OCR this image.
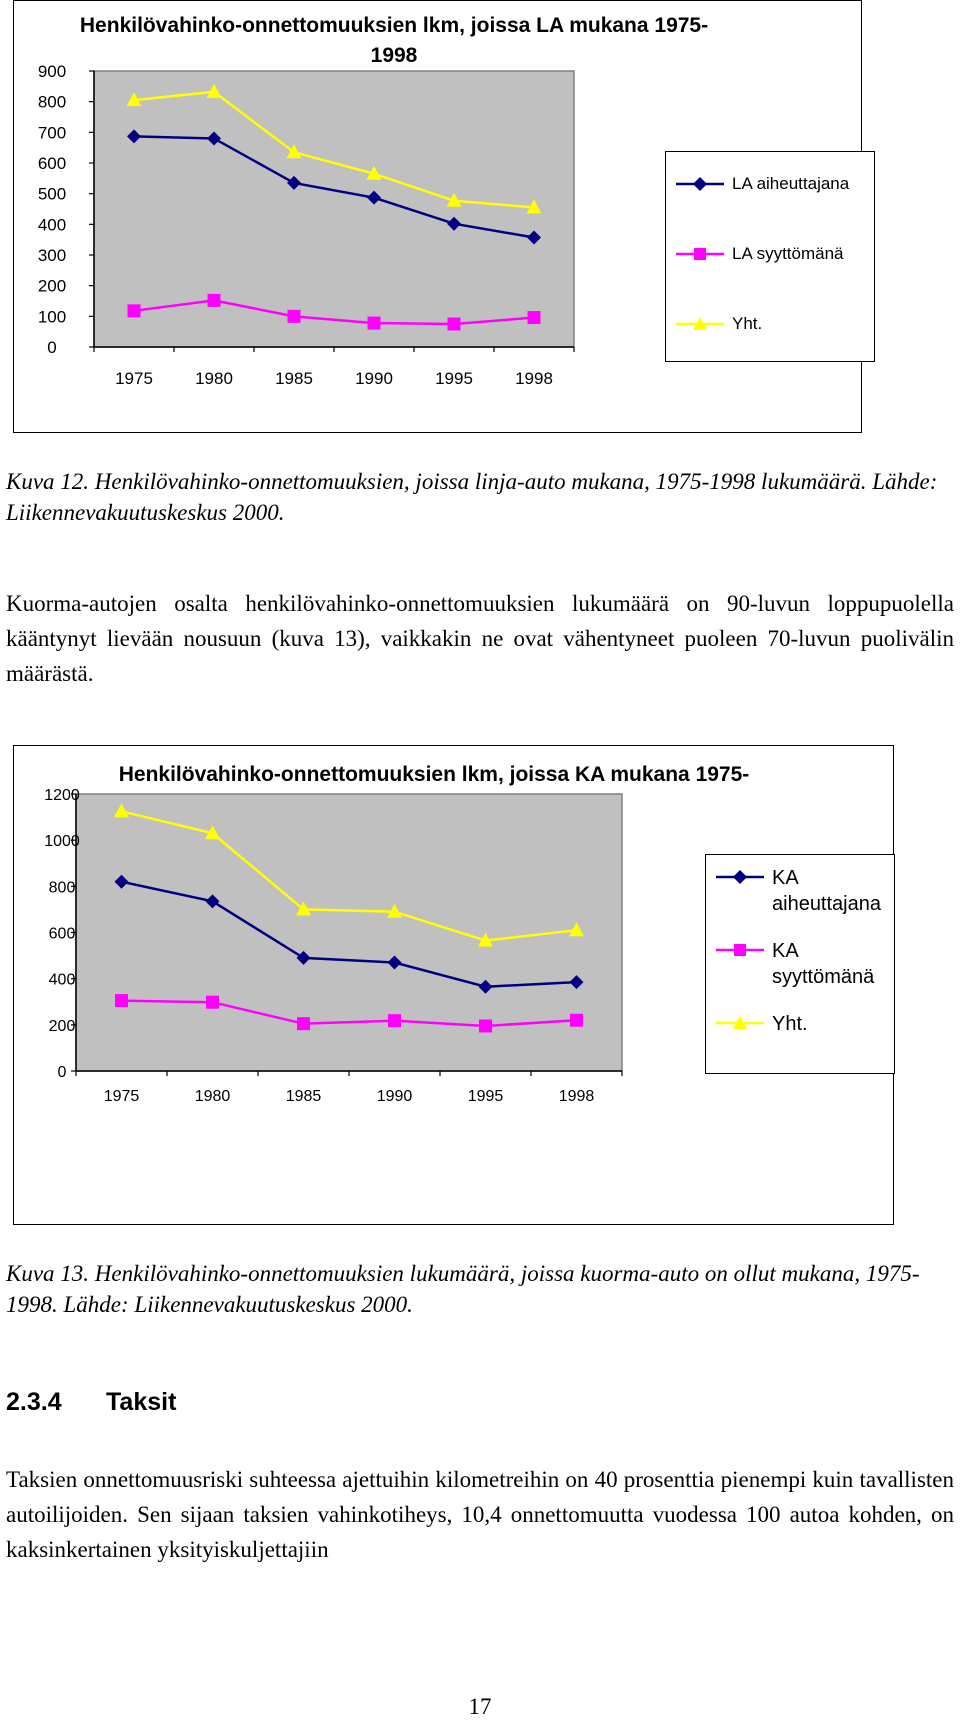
Henkilövahinko-onnettomuuksien lkm, joissa LA mukana 1975-
1998
0
100
200
300
400
500
600
700
800
900
1975 1980 1985 1990 1995 1998
LA aiheuttajana
LA syyttömänä
Yht.
Kuva 12. Henkilövahinko-onnettomuuksien, joissa linja-auto mukana, 1975-1998 lukumäärä. Lähde: Liikennevakuutuskeskus 2000.
Kuorma-autojen osalta henkilövahinko-onnettomuuksien lukumäärä on 90-luvun loppupuolella kääntynyt lievään nousuun (kuva 13), vaikkakin ne ovat vähentyneet puoleen 70-luvun puolivälin määrästä.
Henkilövahinko-onnettomuuksien lkm, joissa KA mukana 1975-

0
200
400
600
800
1000
1200
1975	1980	1985	1990	1995	1998
KA
aiheuttajana
KA
syyttömänä
Yht.
Kuva 13. Henkilövahinko-onnettomuuksien lukumäärä, joissa kuorma-auto on ollut mukana, 1975-1998. Lähde: Liikennevakuutuskeskus 2000.
2.3.4 Taksit
Taksien onnettomuusriski suhteessa ajettuihin kilometreihin on 40 prosenttia pienempi kuin tavallisten autoilijoiden. Sen sijaan taksien vahinkotiheys, 10,4 onnettomuutta vuodessa 100 autoa kohden, on kaksinkertainen yksityiskuljettajiin
17
